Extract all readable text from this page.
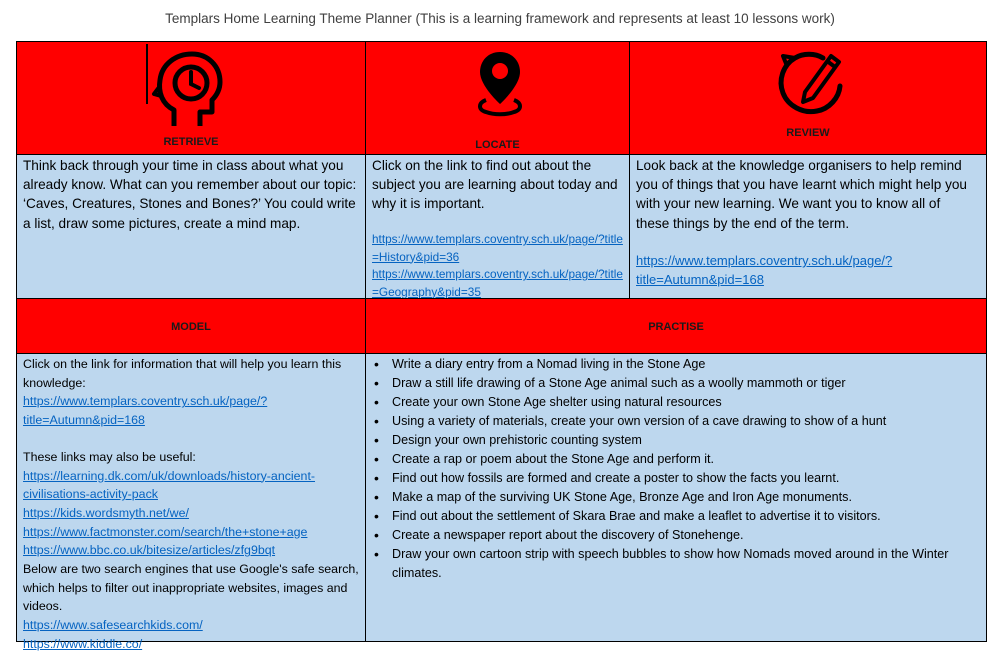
Templars Home Learning Theme Planner (This is a learning framework and represents at least 10 lessons work)
RETRIEVE	LOCATE
REVIEW
Think back through your time in class about what you already know. What can you remember about our topic: ‘Caves, Creatures, Stones and Bones?’ You could write a list, draw some pictures, create a mind map.
Click on the link to find out about the subject you are learning about today and why it is important.
https://www.templars.coventry.sch.uk/page/?title=History&pid=36
https://www.templars.coventry.sch.uk/page/?title=Geography&pid=35
Look back at the knowledge organisers to help remind you of things that you have learnt which might help you with your new learning. We want you to know all of these things by the end of the term.
https://www.templars.coventry.sch.uk/page/?title=Autumn&pid=168
MODEL	PRACTISE

Click on the link for information that will help you learn this knowledge:

https://www.templars.coventry.sch.uk/page/?title=Autumn&pid=168

These links may also be useful:

https://learning.dk.com/uk/downloads/history-ancient-civilisations-activity-pack

https://kids.wordsmyth.net/we/

https://www.factmonster.com/search/the+stone+age

https://www.bbc.co.uk/bitesize/articles/zfg9bqt

Below are two search engines that use Google's safe search, which helps to filter out inappropriate websites, images and videos.

https://www.safesearchkids.com/

https://www.kiddle.co/

• Write a diary entry from a Nomad living in the Stone Age
• Draw a still life drawing of a Stone Age animal such as a woolly mammoth or tiger
• Create your own Stone Age shelter using natural resources
• Using a variety of materials, create your own version of a cave drawing to show of a hunt
• Design your own prehistoric counting system
• Create a rap or poem about the Stone Age and perform it.
• Find out how fossils are formed and create a poster to show the facts you learnt.
• Make a map of the surviving UK Stone Age, Bronze Age and Iron Age monuments.
• Find out about the settlement of Skara Brae and make a leaflet to advertise it to visitors.
• Create a newspaper report about the discovery of Stonehenge.
• Draw your own cartoon strip with speech bubbles to show how Nomads moved around in the Winter climates.
